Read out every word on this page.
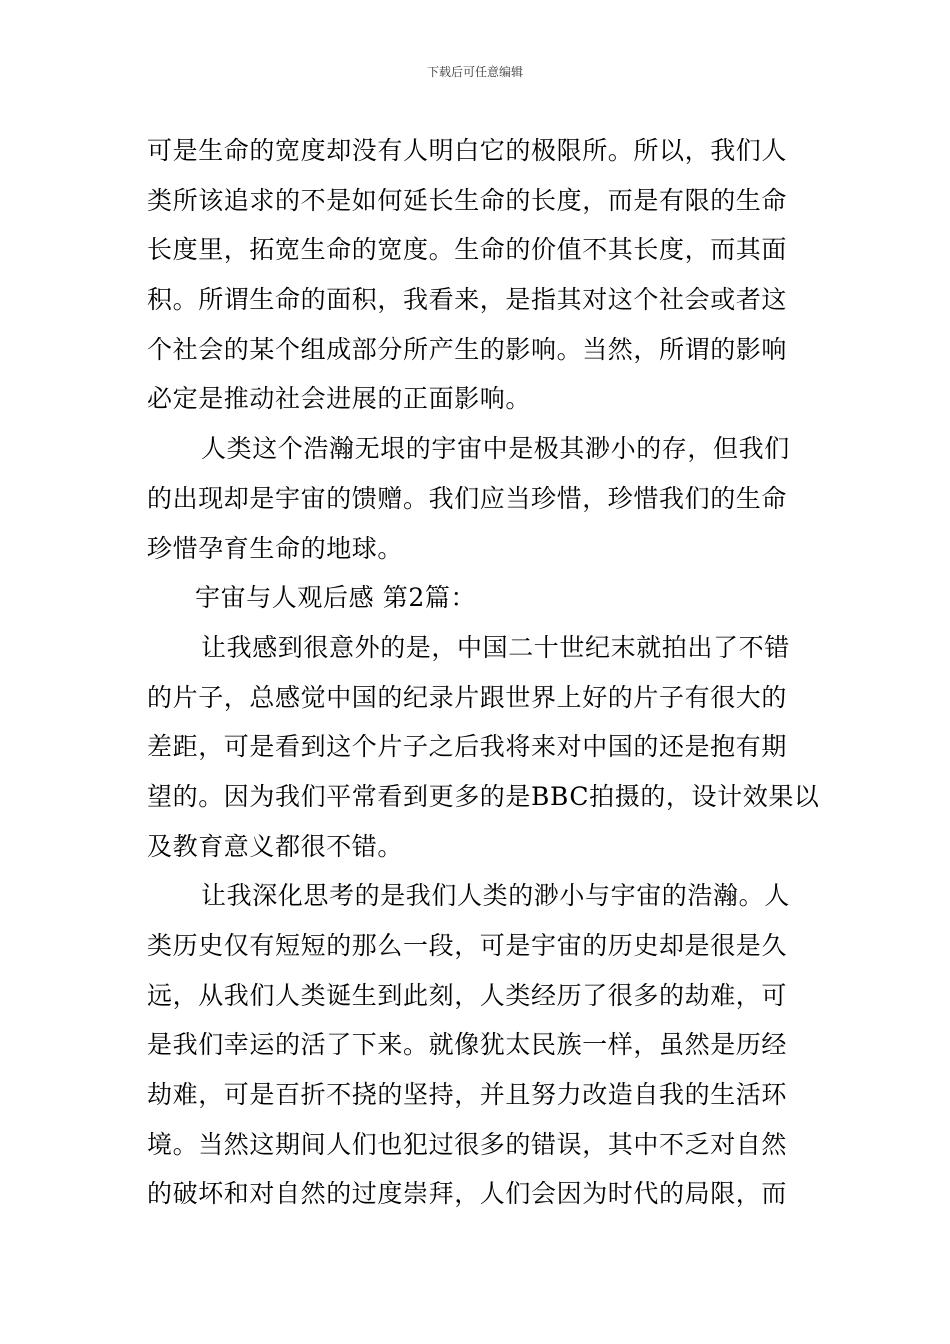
下载后可任意编辑
可是生命的宽度却没有人明白它的极限所。所以，我们人
类所该追求的不是如何延长生命的长度，而是有限的生命
长度里，拓宽生命的宽度。生命的价值不其长度，而其面
积。所谓生命的面积，我看来，是指其对这个社会或者这
个社会的某个组成部分所产生的影响。当然，所谓的影响
必定是推动社会进展的正面影响。
人类这个浩瀚无垠的宇宙中是极其渺小的存，但我们
的出现却是宇宙的馈赠。我们应当珍惜，珍惜我们的生命
珍惜孕育生命的地球。
宇宙与人观后感 第2篇：
让我感到很意外的是，中国二十世纪末就拍出了不错
的片子，总感觉中国的纪录片跟世界上好的片子有很大的
差距，可是看到这个片子之后我将来对中国的还是抱有期
望的。因为我们平常看到更多的是BBC拍摄的，设计效果以
及教育意义都很不错。
让我深化思考的是我们人类的渺小与宇宙的浩瀚。人
类历史仅有短短的那么一段，可是宇宙的历史却是很是久
远，从我们人类诞生到此刻，人类经历了很多的劫难，可
是我们幸运的活了下来。就像犹太民族一样，虽然是历经
劫难，可是百折不挠的坚持，并且努力改造自我的生活环
境。当然这期间人们也犯过很多的错误，其中不乏对自然
的破坏和对自然的过度崇拜，人们会因为时代的局限，而
